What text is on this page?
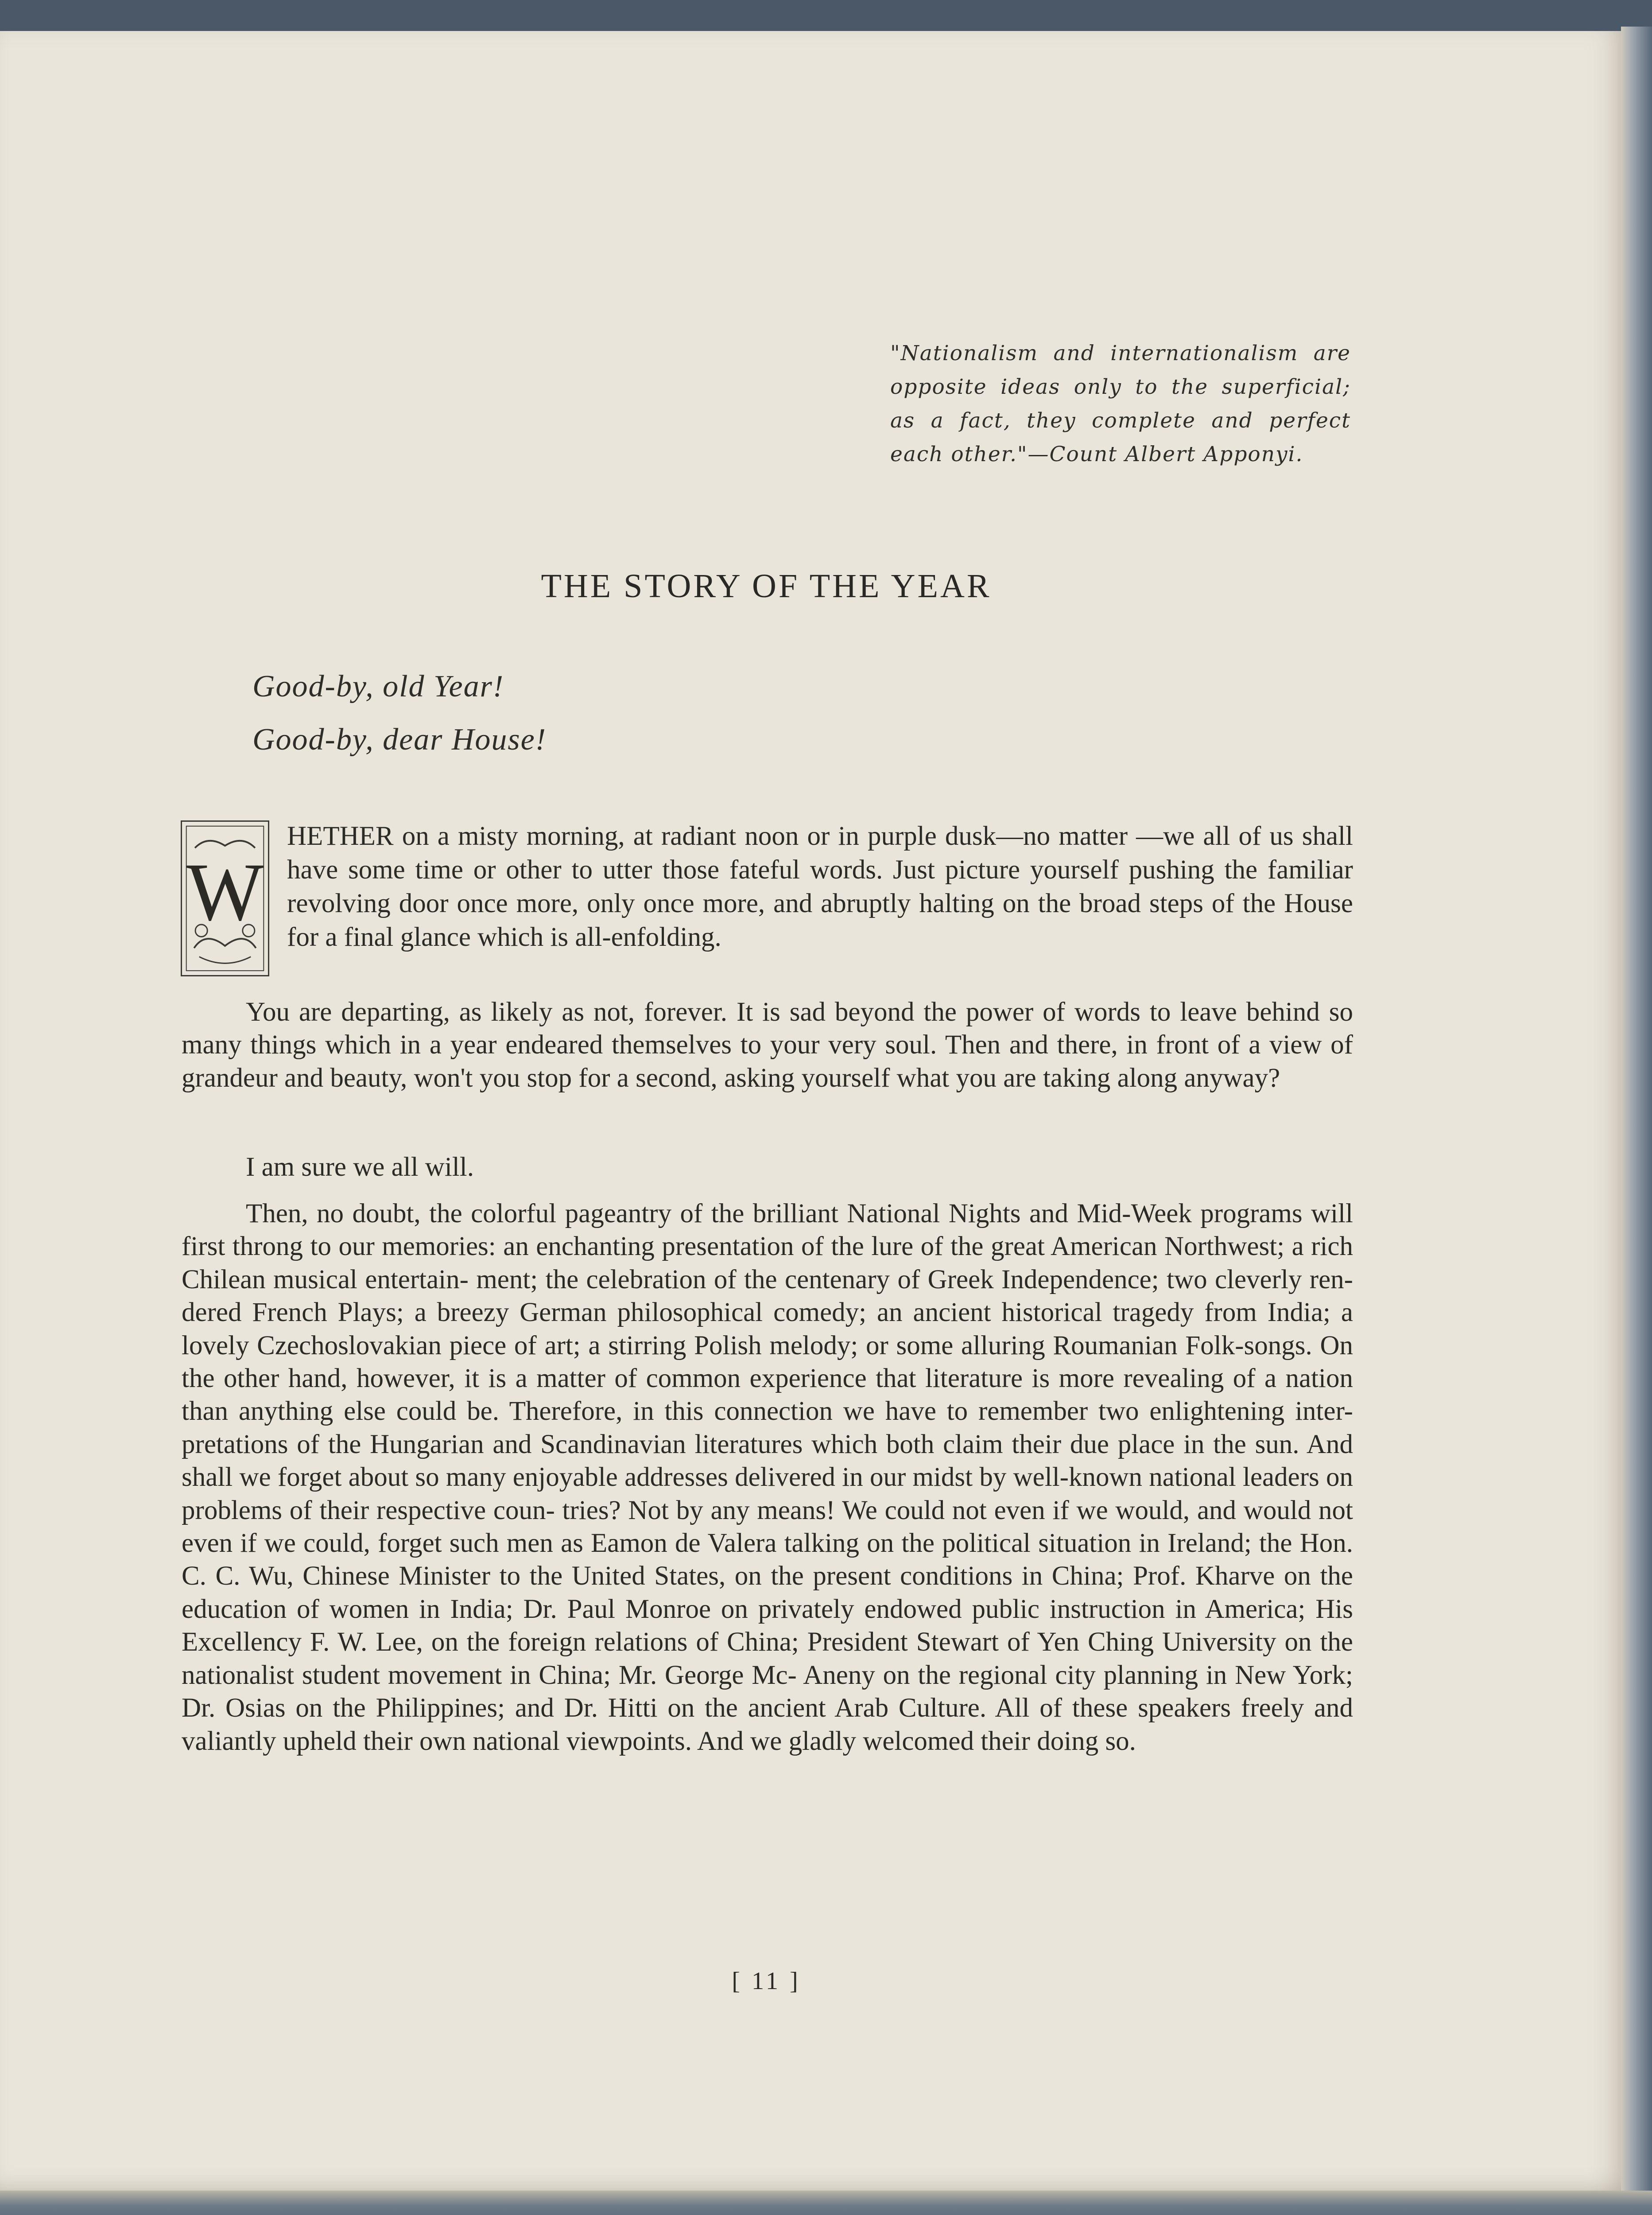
"Nationalism and internationalism are opposite ideas only to the superficial; as a fact, they complete and perfect each other."—Count Albert Apponyi.
THE STORY OF THE YEAR
Good-by, old Year!
Good-by, dear House!
W
HETHER on a misty morning, at radiant noon or in purple dusk—no matter —we all of us shall have some time or other to utter those fateful words. Just picture yourself pushing the familiar revolving door once more, only once more, and abruptly halting on the broad steps of the House for a final glance which is all-enfolding.
You are departing, as likely as not, forever. It is sad beyond the power of words to leave behind so many things which in a year endeared themselves to your very soul. Then and there, in front of a view of grandeur and beauty, won't you stop for a second, asking yourself what you are taking along anyway?
I am sure we all will.
Then, no doubt, the colorful pageantry of the brilliant National Nights and Mid-Week programs will first throng to our memories: an enchanting presentation of the lure of the great American Northwest; a rich Chilean musical entertain- ment; the celebration of the centenary of Greek Independence; two cleverly ren- dered French Plays; a breezy German philosophical comedy; an ancient historical tragedy from India; a lovely Czechoslovakian piece of art; a stirring Polish melody; or some alluring Roumanian Folk-songs. On the other hand, however, it is a matter of common experience that literature is more revealing of a nation than anything else could be. Therefore, in this connection we have to remember two enlightening inter- pretations of the Hungarian and Scandinavian literatures which both claim their due place in the sun. And shall we forget about so many enjoyable addresses delivered in our midst by well-known national leaders on problems of their respective coun- tries? Not by any means! We could not even if we would, and would not even if we could, forget such men as Eamon de Valera talking on the political situation in Ireland; the Hon. C. C. Wu, Chinese Minister to the United States, on the present conditions in China; Prof. Kharve on the education of women in India; Dr. Paul Monroe on privately endowed public instruction in America; His Excellency F. W. Lee, on the foreign relations of China; President Stewart of Yen Ching University on the nationalist student movement in China; Mr. George Mc- Aneny on the regional city planning in New York; Dr. Osias on the Philippines; and Dr. Hitti on the ancient Arab Culture. All of these speakers freely and valiantly upheld their own national viewpoints. And we gladly welcomed their doing so.
[ 11 ]
